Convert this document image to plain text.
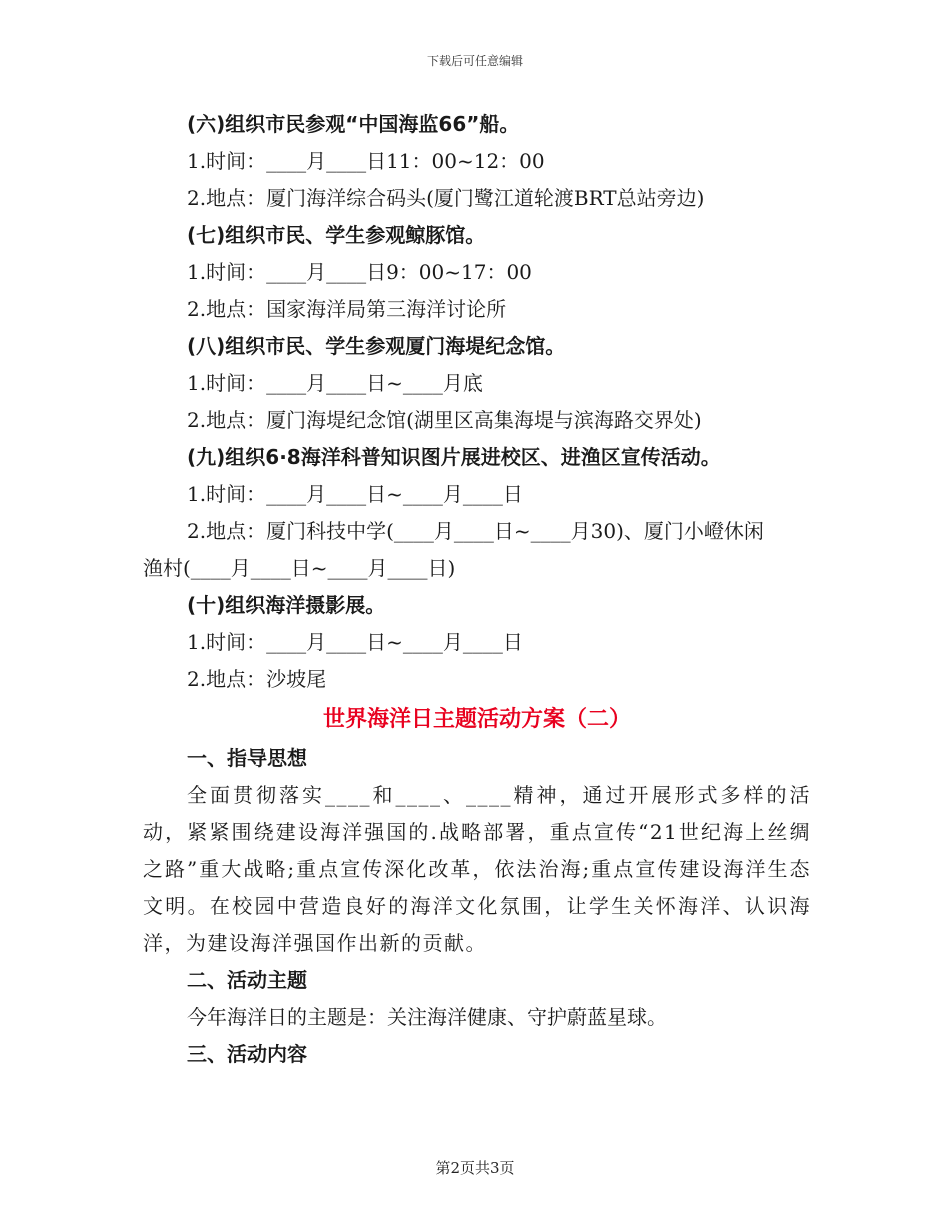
下载后可任意编辑
(六)组织市民参观“中国海监66”船。
1.时间：____月____日11：00~12：00
2.地点：厦门海洋综合码头(厦门鹭江道轮渡BRT总站旁边)
(七)组织市民、学生参观鲸豚馆。
1.时间：____月____日9：00~17：00
2.地点：国家海洋局第三海洋讨论所
(八)组织市民、学生参观厦门海堤纪念馆。
1.时间：____月____日~____月底
2.地点：厦门海堤纪念馆(湖里区高集海堤与滨海路交界处)
(九)组织6·8海洋科普知识图片展进校区、进渔区宣传活动。
1.时间：____月____日~____月____日
2.地点：厦门科技中学(____月____日~____月30)、厦门小嶝休闲
渔村(____月____日~____月____日)
(十)组织海洋摄影展。
1.时间：____月____日~____月____日
2.地点：沙坡尾
世界海洋日主题活动方案（二）
一、指导思想

全面贯彻落实____和____、____精神，通过开展形式多样的活动，紧紧围绕建设海洋强国的.战略部署，重点宣传“21世纪海上丝绸之路”重大战略;重点宣传深化改革，依法治海;重点宣传建设海洋生态文明。在校园中营造良好的海洋文化氛围，让学生关怀海洋、认识海洋，为建设海洋强国作出新的贡献。

二、活动主题
今年海洋日的主题是：关注海洋健康、守护蔚蓝星球。
三、活动内容
第2页共3页
